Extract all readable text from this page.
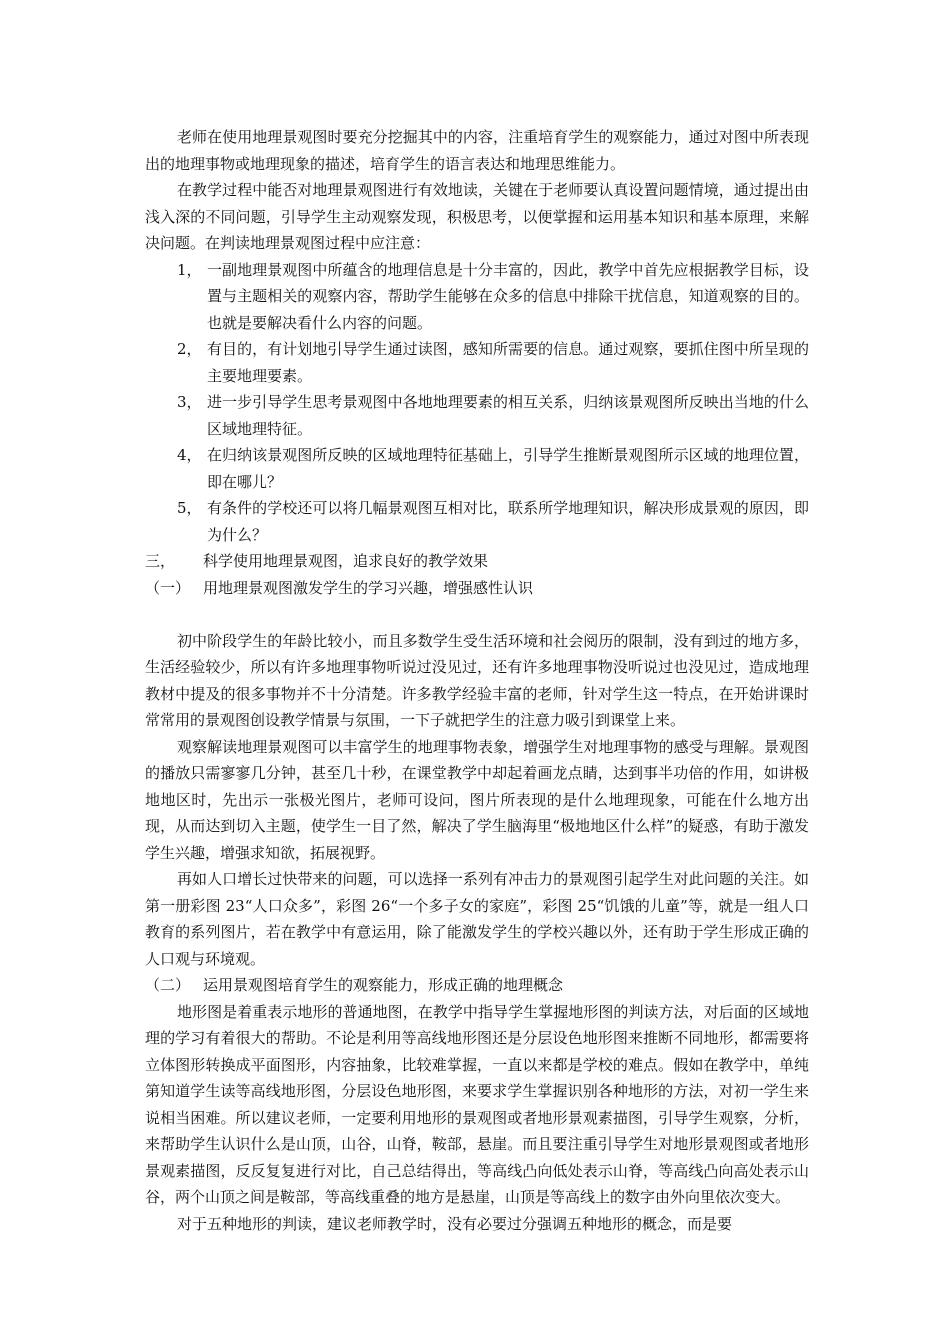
老师在使用地理景观图时要充分挖掘其中的内容，注重培育学生的观察能力，通过对图中所表现出的地理事物或地理现象的描述，培育学生的语言表达和地理思维能力。

在教学过程中能否对地理景观图进行有效地读，关键在于老师要认真设置问题情境，通过提出由浅入深的不同问题，引导学生主动观察发现，积极思考，以便掌握和运用基本知识和基本原理，来解决问题。在判读地理景观图过程中应注意：

1， 一副地理景观图中所蕴含的地理信息是十分丰富的，因此，教学中首先应根据教学目标，设置与主题相关的观察内容，帮助学生能够在众多的信息中排除干扰信息，知道观察的目的。也就是要解决看什么内容的问题。
2， 有目的，有计划地引导学生通过读图，感知所需要的信息。通过观察，要抓住图中所呈现的主要地理要素。
3， 进一步引导学生思考景观图中各地地理要素的相互关系，归纳该景观图所反映出当地的什么区域地理特征。
4， 在归纳该景观图所反映的区域地理特征基础上，引导学生推断景观图所示区域的地理位置，即在哪儿？
5， 有条件的学校还可以将几幅景观图互相对比，联系所学地理知识，解决形成景观的原因，即为什么？

三， 科学使用地理景观图，追求良好的教学效果

（一） 用地理景观图激发学生的学习兴趣，增强感性认识

初中阶段学生的年龄比较小，而且多数学生受生活环境和社会阅历的限制，没有到过的地方多，生活经验较少，所以有许多地理事物听说过没见过，还有许多地理事物没听说过也没见过，造成地理教材中提及的很多事物并不十分清楚。许多教学经验丰富的老师，针对学生这一特点，在开始讲课时常常用的景观图创设教学情景与氛围，一下子就把学生的注意力吸引到课堂上来。

观察解读地理景观图可以丰富学生的地理事物表象，增强学生对地理事物的感受与理解。景观图的播放只需寥寥几分钟，甚至几十秒，在课堂教学中却起着画龙点睛，达到事半功倍的作用，如讲极地地区时，先出示一张极光图片，老师可设问，图片所表现的是什么地理现象，可能在什么地方出现，从而达到切入主题，使学生一目了然，解决了学生脑海里“极地地区什么样”的疑惑，有助于激发学生兴趣，增强求知欲，拓展视野。

再如人口增长过快带来的问题，可以选择一系列有冲击力的景观图引起学生对此问题的关注。如第一册彩图 23“人口众多”，彩图 26“一个多子女的家庭”，彩图 25“饥饿的儿童”等，就是一组人口教育的系列图片，若在教学中有意运用，除了能激发学生的学校兴趣以外，还有助于学生形成正确的人口观与环境观。

（二） 运用景观图培育学生的观察能力，形成正确的地理概念

地形图是着重表示地形的普通地图，在教学中指导学生掌握地形图的判读方法，对后面的区域地理的学习有着很大的帮助。不论是利用等高线地形图还是分层设色地形图来推断不同地形，都需要将立体图形转换成平面图形，内容抽象，比较难掌握，一直以来都是学校的难点。假如在教学中，单纯第知道学生读等高线地形图，分层设色地形图，来要求学生掌握识别各种地形的方法，对初一学生来说相当困难。所以建议老师，一定要利用地形的景观图或者地形景观素描图，引导学生观察，分析，来帮助学生认识什么是山顶，山谷，山脊，鞍部，悬崖。而且要注重引导学生对地形景观图或者地形景观素描图，反反复复进行对比，自己总结得出，等高线凸向低处表示山脊，等高线凸向高处表示山谷，两个山顶之间是鞍部，等高线重叠的地方是悬崖，山顶是等高线上的数字由外向里依次变大。

对于五种地形的判读，建议老师教学时，没有必要过分强调五种地形的概念，而是要
